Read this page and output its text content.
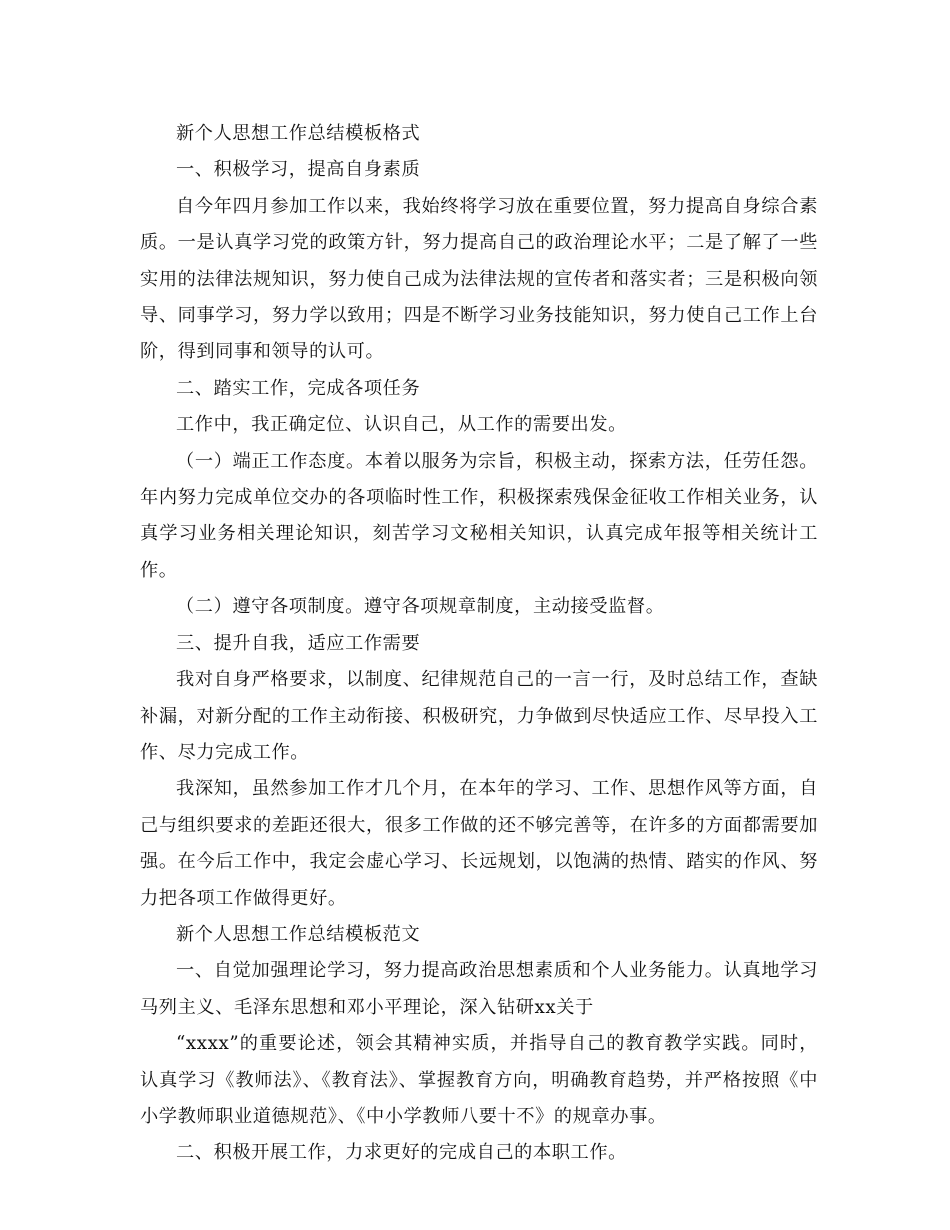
新个人思想工作总结模板格式

一、积极学习，提高自身素质

自今年四月参加工作以来，我始终将学习放在重要位置，努力提高自身综合素质。一是认真学习党的政策方针，努力提高自己的政治理论水平；二是了解了一些实用的法律法规知识，努力使自己成为法律法规的宣传者和落实者；三是积极向领导、同事学习，努力学以致用；四是不断学习业务技能知识，努力使自己工作上台阶，得到同事和领导的认可。

二、踏实工作，完成各项任务

工作中，我正确定位、认识自己，从工作的需要出发。

（一）端正工作态度。本着以服务为宗旨，积极主动，探索方法，任劳任怨。年内努力完成单位交办的各项临时性工作，积极探索残保金征收工作相关业务，认真学习业务相关理论知识，刻苦学习文秘相关知识，认真完成年报等相关统计工作。

（二）遵守各项制度。遵守各项规章制度，主动接受监督。

三、提升自我，适应工作需要

我对自身严格要求，以制度、纪律规范自己的一言一行，及时总结工作，查缺补漏，对新分配的工作主动衔接、积极研究，力争做到尽快适应工作、尽早投入工作、尽力完成工作。

我深知，虽然参加工作才几个月，在本年的学习、工作、思想作风等方面，自己与组织要求的差距还很大，很多工作做的还不够完善等，在许多的方面都需要加强。在今后工作中，我定会虚心学习、长远规划，以饱满的热情、踏实的作风、努力把各项工作做得更好。

新个人思想工作总结模板范文

一、自觉加强理论学习，努力提高政治思想素质和个人业务能力。认真地学习马列主义、毛泽东思想和邓小平理论，深入钻研xx关于

“xxxx”的重要论述，领会其精神实质，并指导自己的教育教学实践。同时，认真学习《教师法》、《教育法》、掌握教育方向，明确教育趋势，并严格按照《中小学教师职业道德规范》、《中小学教师八要十不》的规章办事。

二、积极开展工作，力求更好的完成自己的本职工作。
